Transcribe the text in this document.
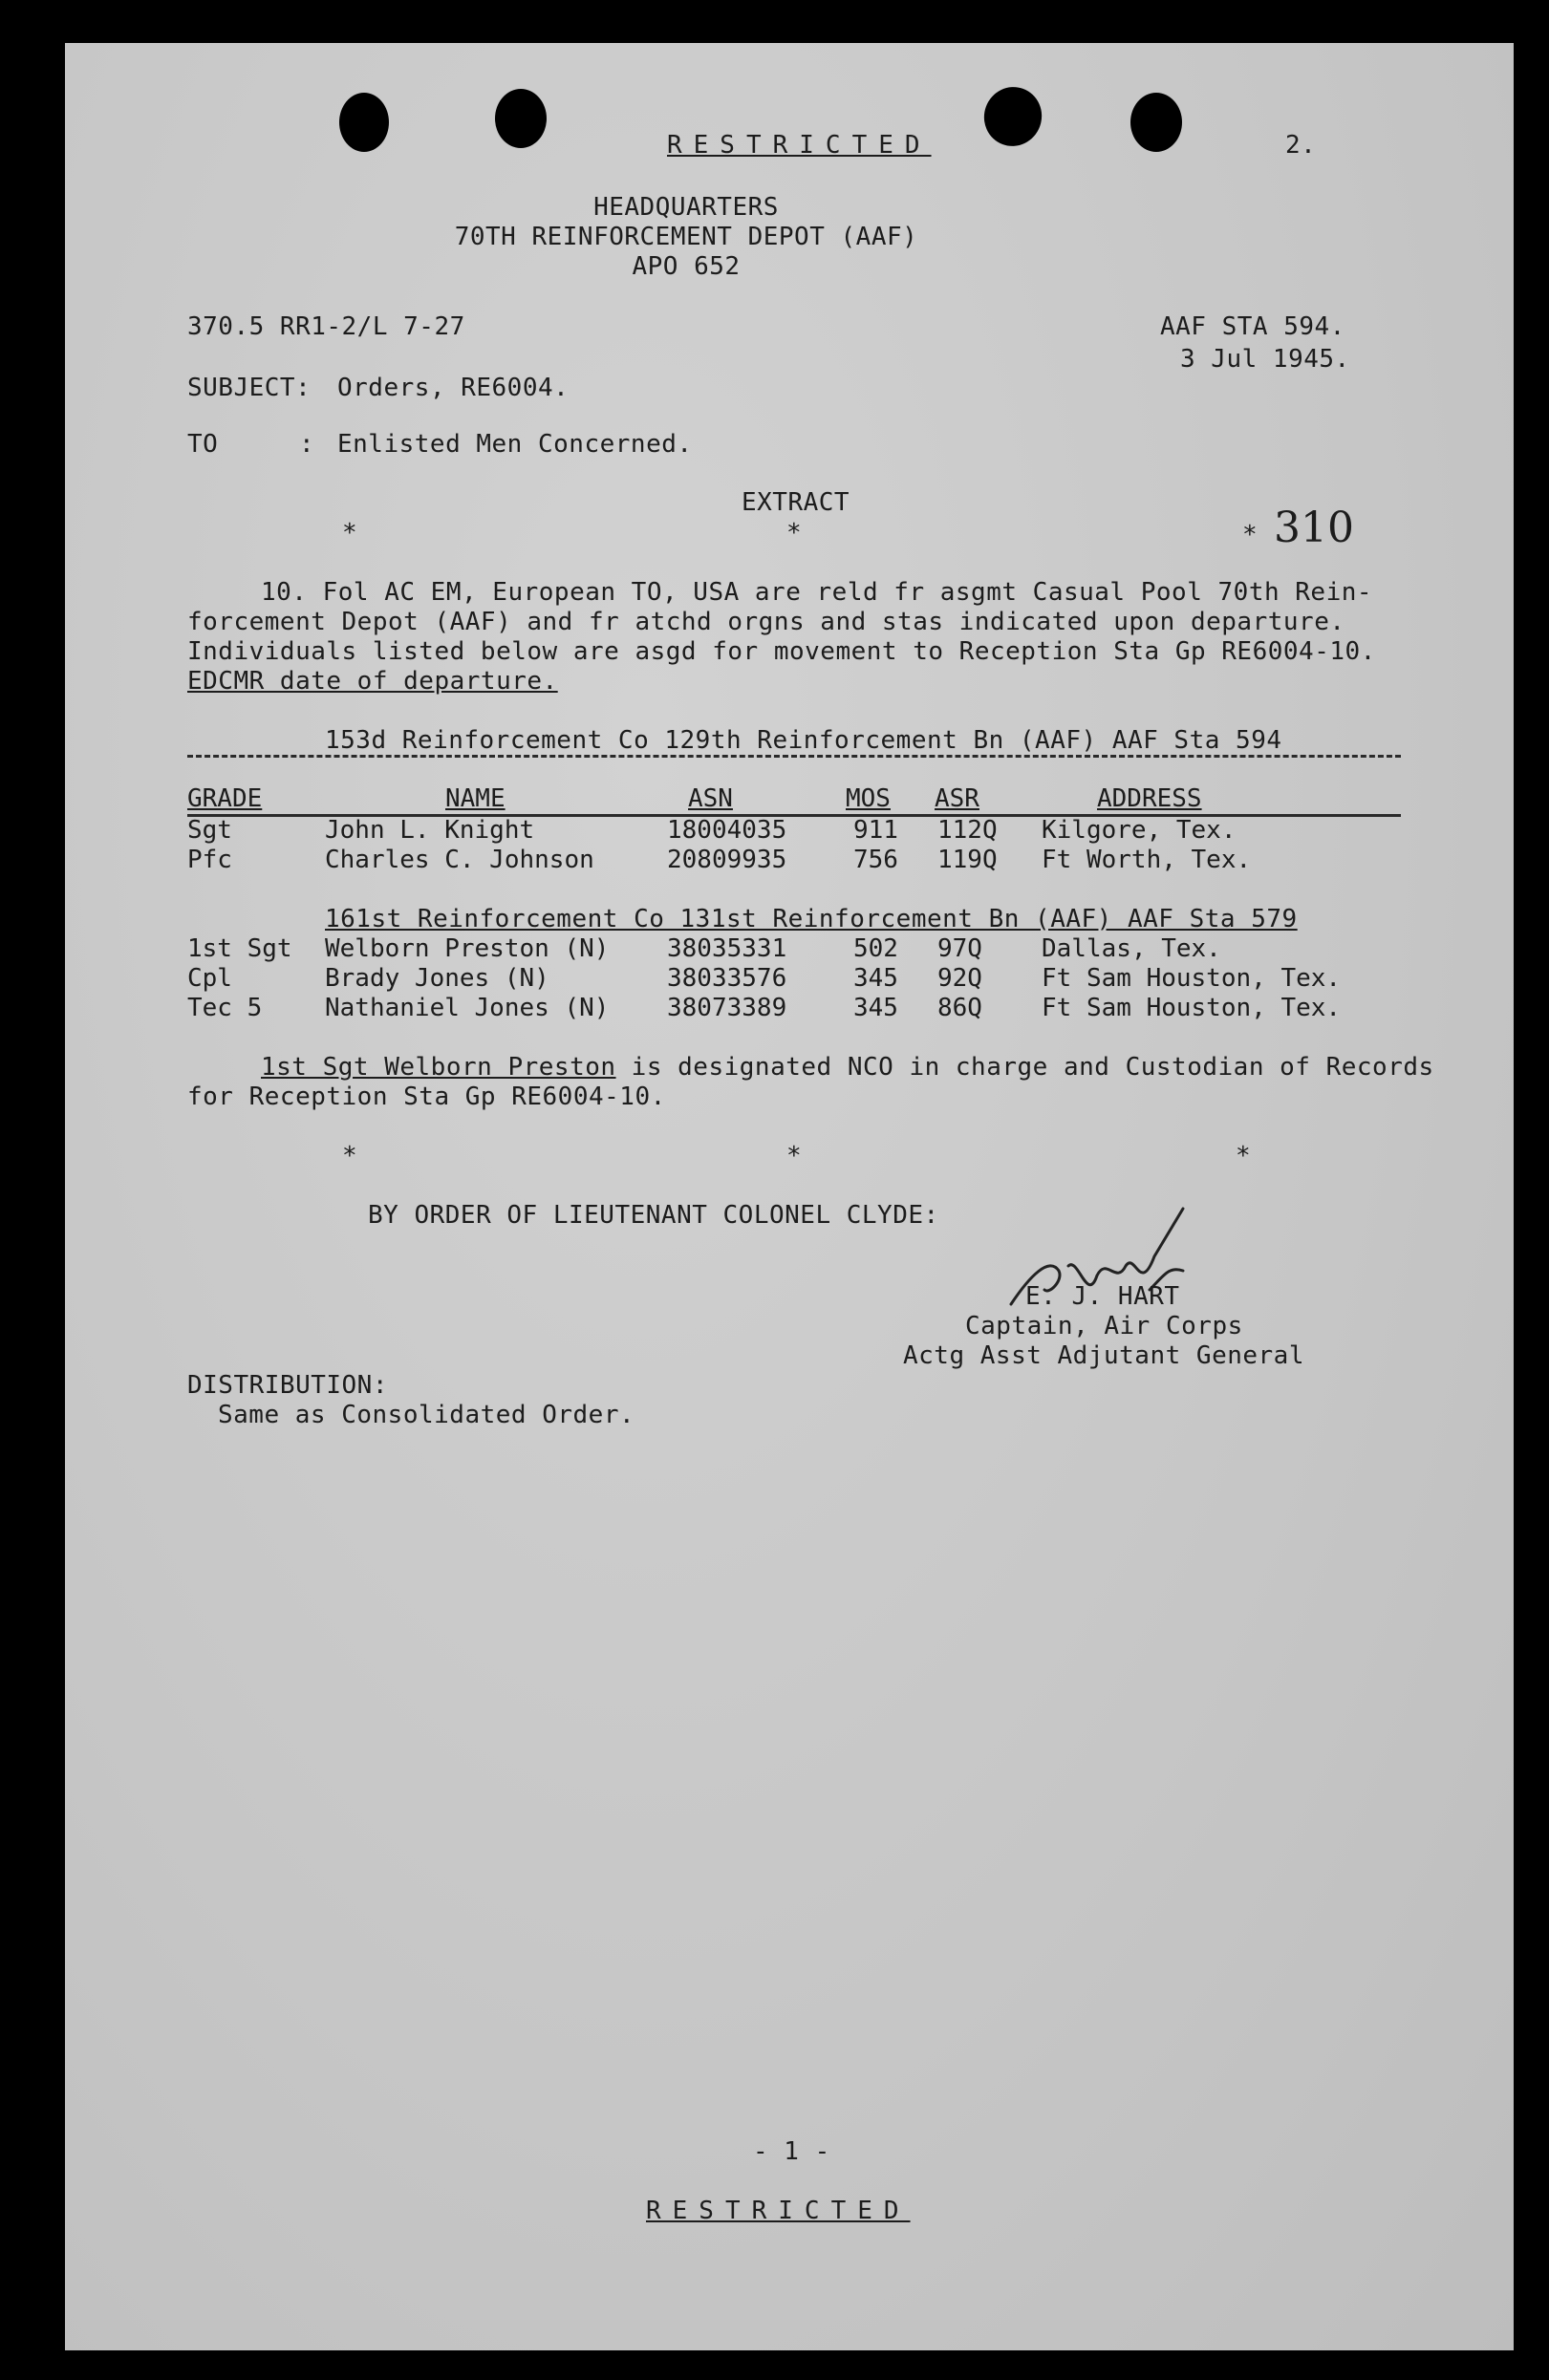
RESTRICTED	2.
HEADQUARTERS
70TH REINFORCEMENT DEPOT (AAF)
APO 652
370.5 RR1-2/L 7-27	AAF STA 594.
3 Jul 1945.
SUBJECT: Orders, RE6004.
TO	: Enlisted Men Concerned.
EXTRACT
*	*	* 310
10. Fol AC EM, European TO, USA are reld fr asgmt Casual Pool 70th Rein-
forcement Depot (AAF) and fr atchd orgns and stas indicated upon departure.
Individuals listed below are asgd for movement to Reception Sta Gp RE6004-10.
EDCMR date of departure.
153d Reinforcement Co 129th Reinforcement Bn (AAF) AAF Sta 594
GRADE	NAME	ASN	MOS ASR	ADDRESS
Sgt	John L. Knight	18004035	911 112Q Kilgore, Tex.
Pfc	Charles C. Johnson	20809935	756 119Q Ft Worth, Tex.
161st Reinforcement Co 131st Reinforcement Bn (AAF) AAF Sta 579
1st Sgt Welborn Preston (N) 38035331	502 97Q Dallas, Tex.
Cpl	Brady Jones (N)	38033576	345 92Q Ft Sam Houston, Tex.
Tec 5	Nathaniel Jones (N) 38073389	345 86Q Ft Sam Houston, Tex.
1st Sgt Welborn Preston is designated NCO in charge and Custodian of Records
for Reception Sta Gp RE6004-10.
*	*	*
BY ORDER OF LIEUTENANT COLONEL CLYDE:
E. J. HART
Captain, Air Corps
Actg Asst Adjutant General
DISTRIBUTION:
Same as Consolidated Order.
- 1 -
RESTRICTED
